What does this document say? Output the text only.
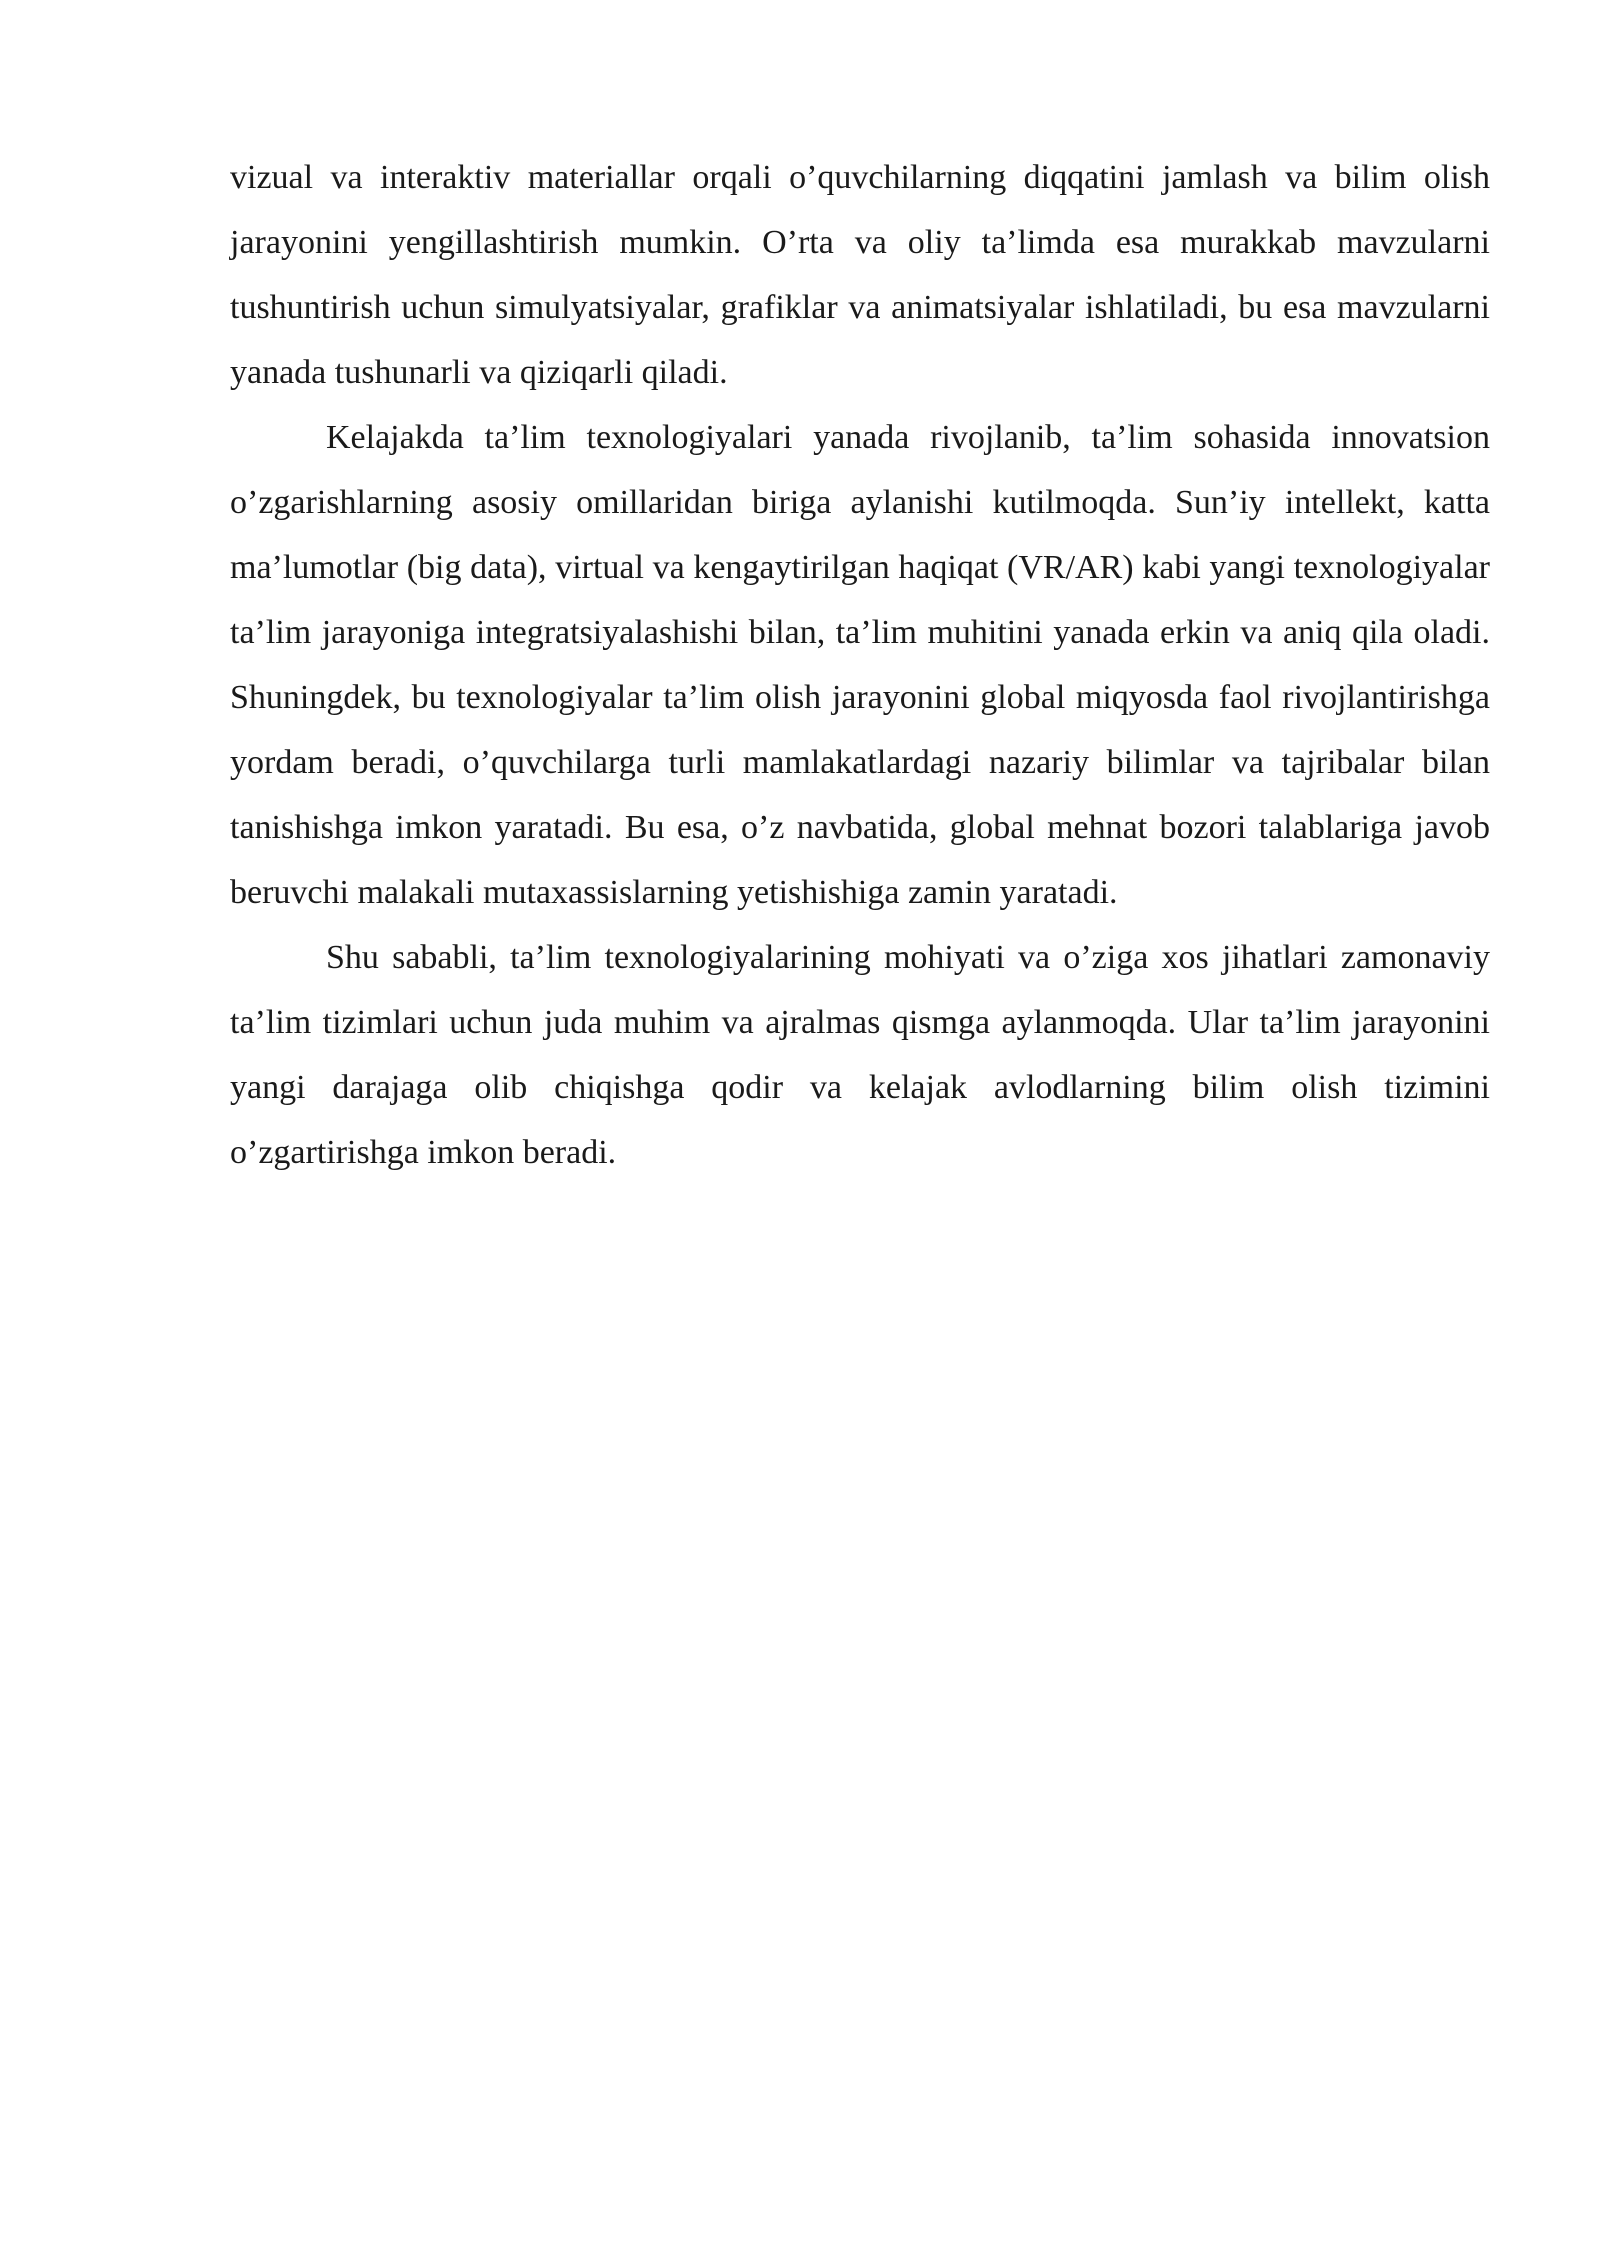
vizual va interaktiv materiallar orqali o’quvchilarning diqqatini jamlash va bilim olish jarayonini yengillashtirish mumkin. O’rta va oliy ta’limda esa murakkab mavzularni tushuntirish uchun simulyatsiyalar, grafiklar va animatsiyalar ishlatiladi, bu esa mavzularni yanada tushunarli va qiziqarli qiladi.

Kelajakda ta’lim texnologiyalari yanada rivojlanib, ta’lim sohasida innovatsion o’zgarishlarning asosiy omillaridan biriga aylanishi kutilmoqda. Sun’iy intellekt, katta ma’lumotlar (big data), virtual va kengaytirilgan haqiqat (VR/AR) kabi yangi texnologiyalar ta’lim jarayoniga integratsiyalashishi bilan, ta’lim muhitini yanada erkin va aniq qila oladi. Shuningdek, bu texnologiyalar ta’lim olish jarayonini global miqyosda faol rivojlantirishga yordam beradi, o’quvchilarga turli mamlakatlardagi nazariy bilimlar va tajribalar bilan tanishishga imkon yaratadi. Bu esa, o’z navbatida, global mehnat bozori talablariga javob beruvchi malakali mutaxassislarning yetishishiga zamin yaratadi.

Shu sababli, ta’lim texnologiyalarining mohiyati va o’ziga xos jihatlari zamonaviy ta’lim tizimlari uchun juda muhim va ajralmas qismga aylanmoqda. Ular ta’lim jarayonini yangi darajaga olib chiqishga qodir va kelajak avlodlarning bilim olish tizimini o’zgartirishga imkon beradi.
